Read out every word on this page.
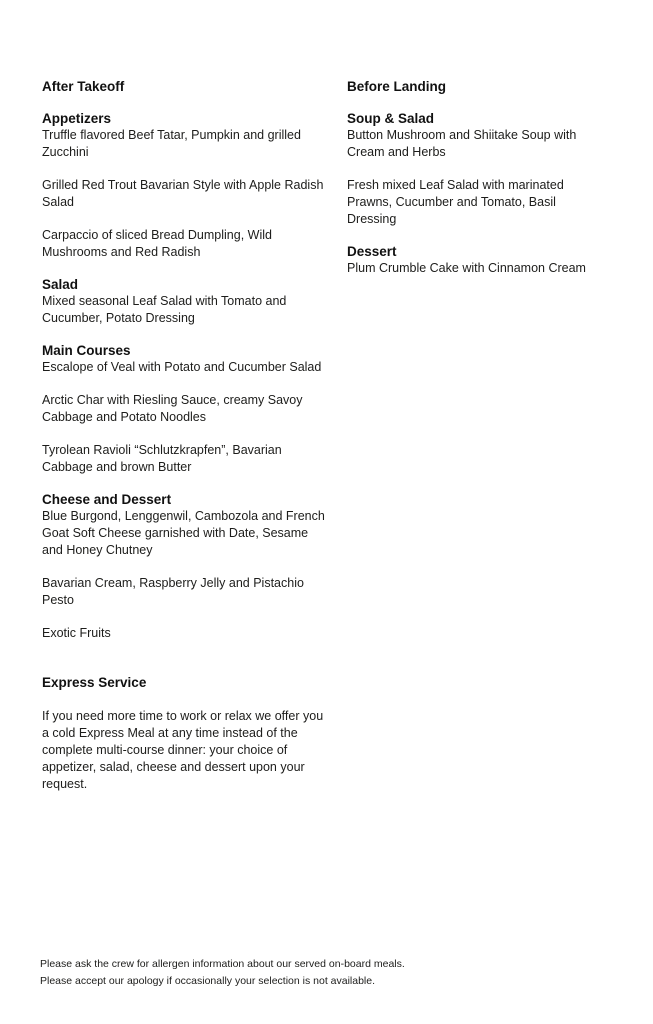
After Takeoff
Appetizers

Truffle flavored Beef Tatar, Pumpkin and grilled Zucchini

Grilled Red Trout Bavarian Style with Apple Radish Salad

Carpaccio of sliced Bread Dumpling, Wild Mushrooms and Red Radish

Salad

Mixed seasonal Leaf Salad with Tomato and Cucumber, Potato Dressing

Main Courses

Escalope of Veal with Potato and Cucumber Salad

Arctic Char with Riesling Sauce, creamy Savoy Cabbage and Potato Noodles

Tyrolean Ravioli “Schlutzkrapfen”, Bavarian Cabbage and brown Butter

Cheese and Dessert

Blue Burgond, Lenggenwil, Cambozola and French Goat Soft Cheese garnished with Date, Sesame and Honey Chutney

Bavarian Cream, Raspberry Jelly and Pistachio Pesto

Exotic Fruits

Express Service

If you need more time to work or relax we offer you a cold Express Meal at any time instead of the complete multi-course dinner: your choice of appetizer, salad, cheese and dessert upon your request.

Before Landing
Soup & Salad

Button Mushroom and Shiitake Soup with Cream and Herbs

Fresh mixed Leaf Salad with marinated Prawns, Cucumber and Tomato, Basil Dressing

Dessert

Plum Crumble Cake with Cinnamon Cream

Please ask the crew for allergen information about our served on-board meals.

Please accept our apology if occasionally your selection is not available.
